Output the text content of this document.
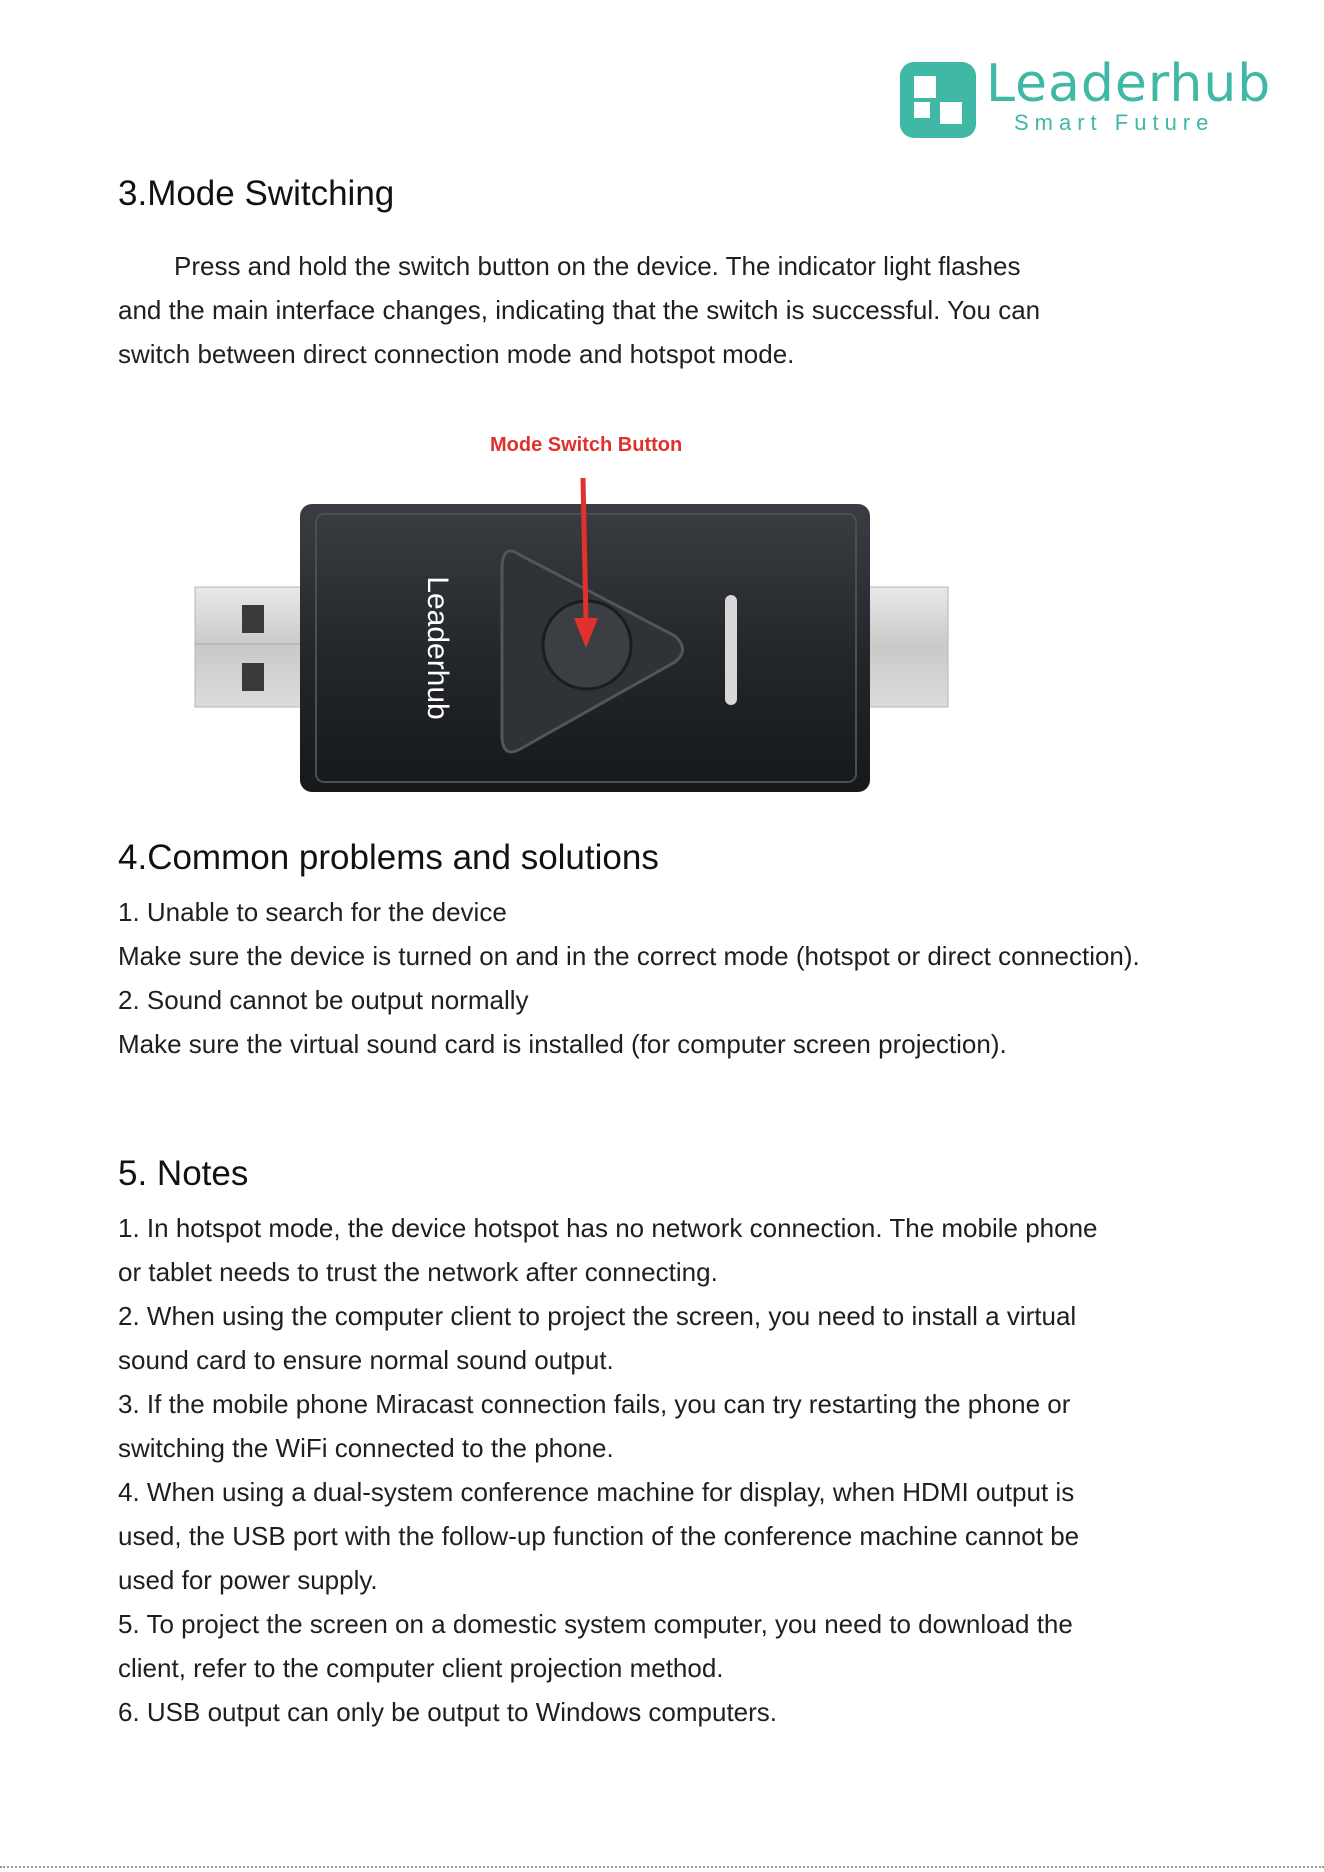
Leaderhub
Smart Future
3.Mode Switching
Press and hold the switch button on the device. The indicator light flashes
and the main interface changes, indicating that the switch is successful. You can
switch between direct connection mode and hotspot mode.
Mode Switch Button
Leaderhub
4.Common problems and solutions
1. Unable to search for the device
Make sure the device is turned on and in the correct mode (hotspot or direct connection).
2. Sound cannot be output normally
Make sure the virtual sound card is installed (for computer screen projection).
5. Notes
1. In hotspot mode, the device hotspot has no network connection. The mobile phone
or tablet needs to trust the network after connecting.
2. When using the computer client to project the screen, you need to install a virtual
sound card to ensure normal sound output.
3. If the mobile phone Miracast connection fails, you can try restarting the phone or
switching the WiFi connected to the phone.
4. When using a dual-system conference machine for display, when HDMI output is
used, the USB port with the follow-up function of the conference machine cannot be
used for power supply.
5. To project the screen on a domestic system computer, you need to download the
client, refer to the computer client projection method.
6. USB output can only be output to Windows computers.
